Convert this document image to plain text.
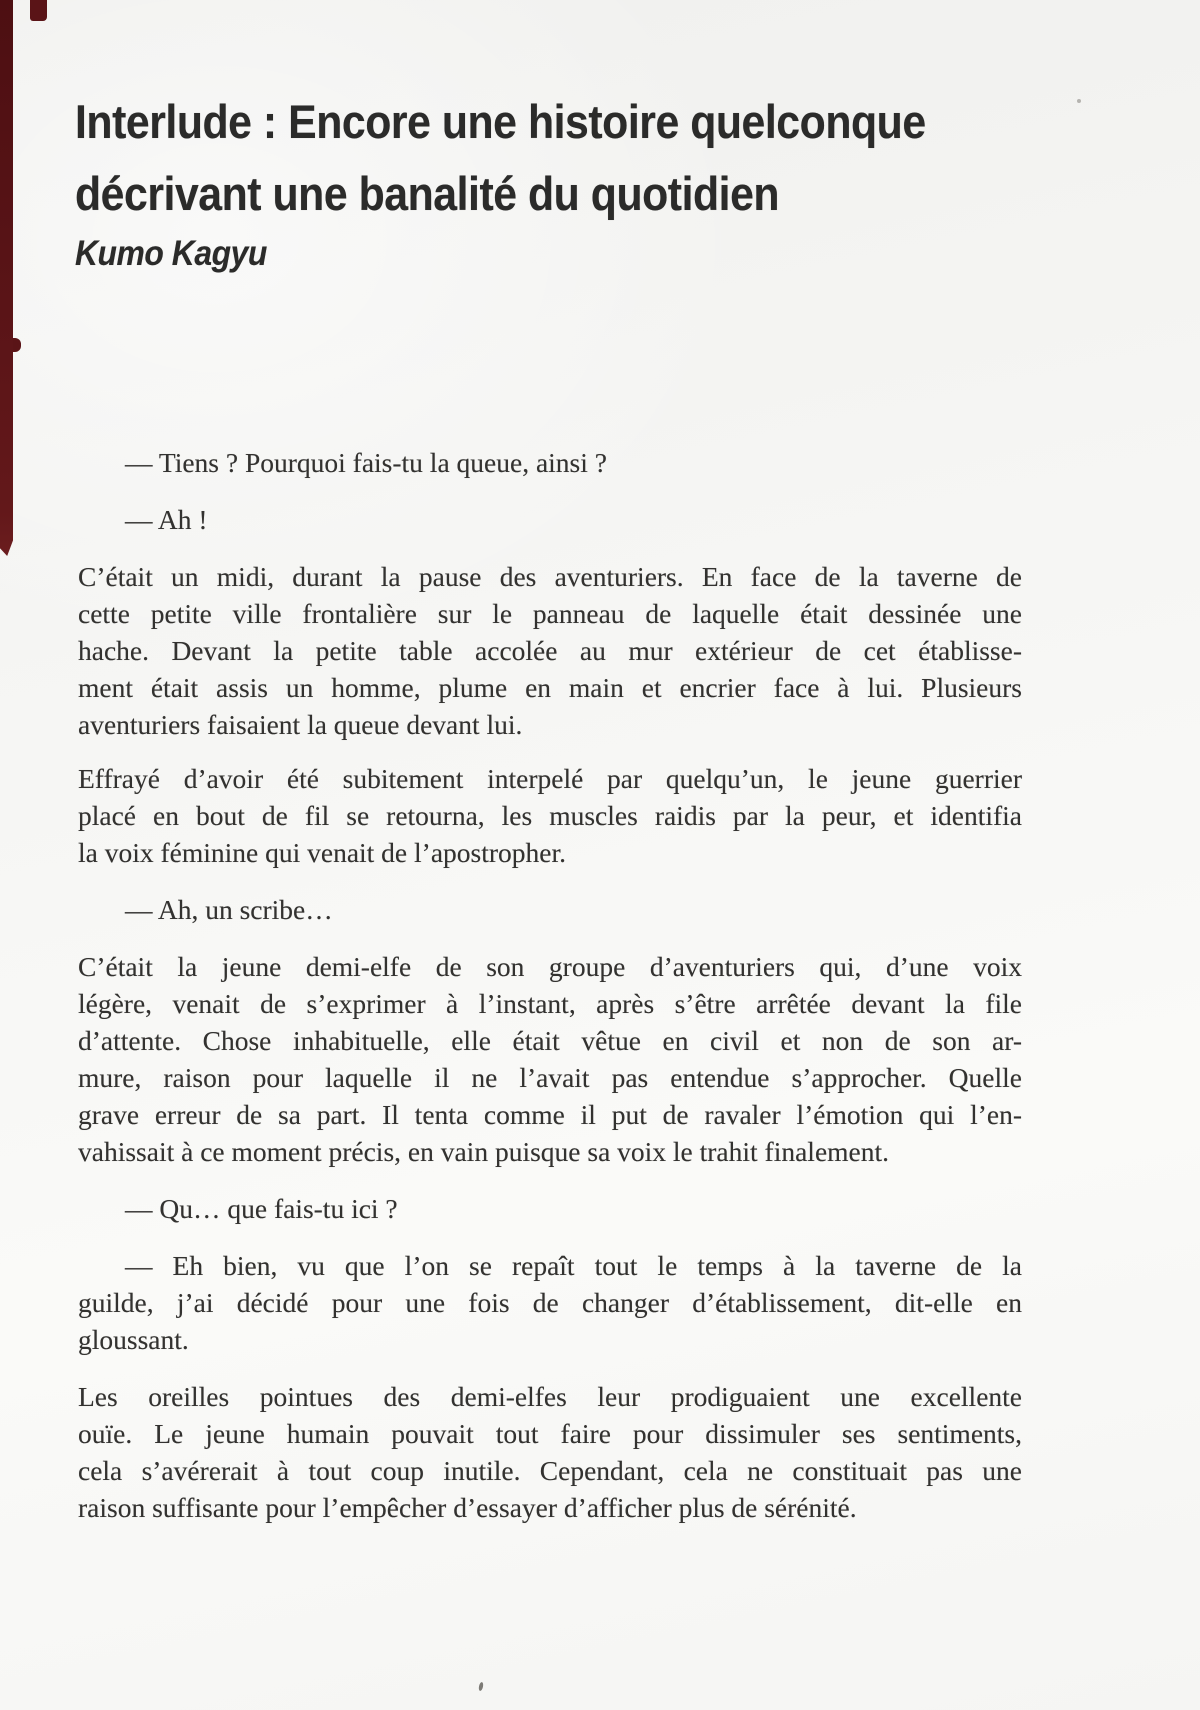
Interlude : Encore une histoire quelconque
décrivant une banalité du quotidien
Kumo Kagyu
— Tiens ? Pourquoi fais-tu la queue, ainsi ?
— Ah !
C’était un midi, durant la pause des aventuriers. En face de la taverne de
cette petite ville frontalière sur le panneau de laquelle était dessinée une
hache. Devant la petite table accolée au mur extérieur de cet établisse-
ment était assis un homme, plume en main et encrier face à lui. Plusieurs
aventuriers faisaient la queue devant lui.
Effrayé d’avoir été subitement interpelé par quelqu’un, le jeune guerrier
placé en bout de fil se retourna, les muscles raidis par la peur, et identifia
la voix féminine qui venait de l’apostropher.
— Ah, un scribe…
C’était la jeune demi-elfe de son groupe d’aventuriers qui, d’une voix
légère, venait de s’exprimer à l’instant, après s’être arrêtée devant la file
d’attente. Chose inhabituelle, elle était vêtue en civil et non de son ar-
mure, raison pour laquelle il ne l’avait pas entendue s’approcher. Quelle
grave erreur de sa part. Il tenta comme il put de ravaler l’émotion qui l’en-
vahissait à ce moment précis, en vain puisque sa voix le trahit finalement.
— Qu… que fais-tu ici ?
— Eh bien, vu que l’on se repaît tout le temps à la taverne de la
guilde, j’ai décidé pour une fois de changer d’établissement, dit-elle en
gloussant.
Les oreilles pointues des demi-elfes leur prodiguaient une excellente
ouïe. Le jeune humain pouvait tout faire pour dissimuler ses sentiments,
cela s’avérerait à tout coup inutile. Cependant, cela ne constituait pas une
raison suffisante pour l’empêcher d’essayer d’afficher plus de sérénité.
